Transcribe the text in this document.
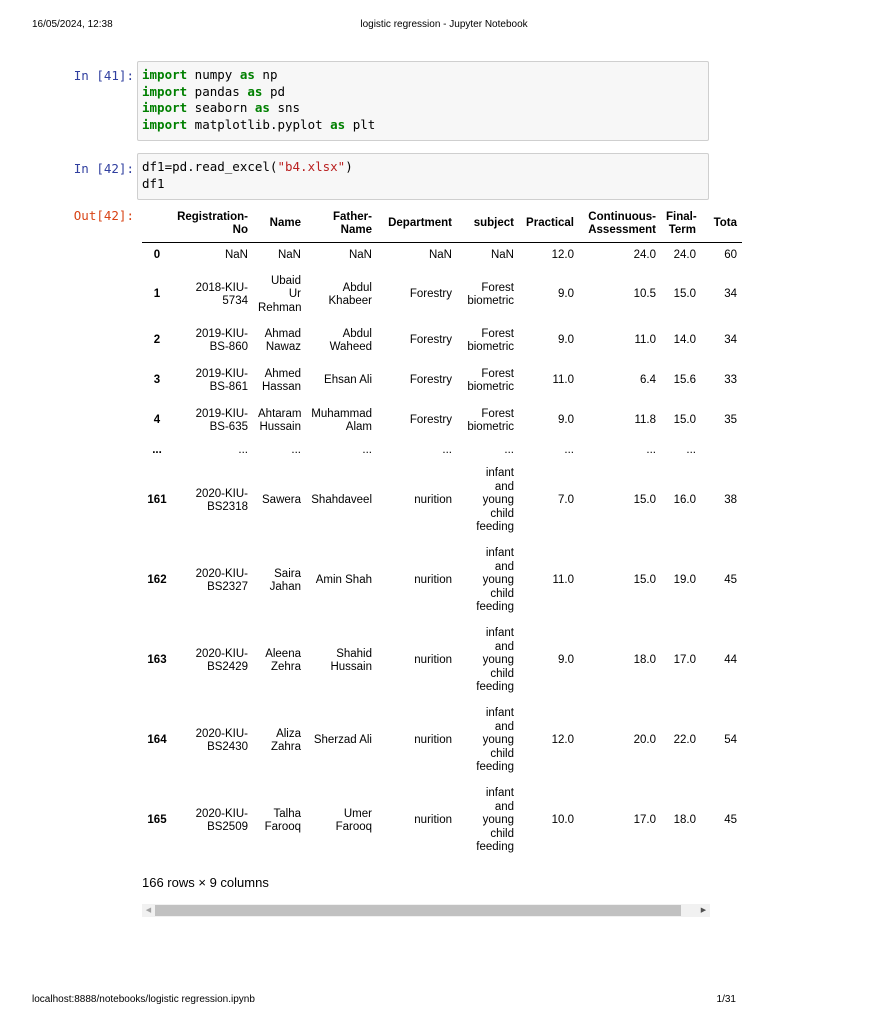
16/05/2024, 12:38	logistic regression - Jupyter Notebook
In [41]: import numpy as np
import pandas as pd
import seaborn as sns
import matplotlib.pyplot as plt
In [42]: df1=pd.read_excel("b4.xlsx")
df1
Out[42]:
		Registration-
No	Name	Father-
Name	Department	subject	Practical	Continuous-
Assessment	Final-
Term	Tota
0	NaN	NaN	NaN	NaN	NaN	12.0	24.0	24.0	60
1	2018-KIU-
5734	Ubaid
Ur
Rehman	Abdul
Khabeer	Forestry	Forest
biometric	9.0	10.5	15.0	34
2	2019-KIU-
BS-860	Ahmad
Nawaz	Abdul
Waheed	Forestry	Forest
biometric	9.0	11.0	14.0	34
3	2019-KIU-
BS-861	Ahmed
Hassan	Ehsan Ali	Forestry	Forest
biometric	11.0	6.4	15.6	33
4	2019-KIU-
BS-635	Ahtaram
Hussain	Muhammad
Alam	Forestry	Forest
biometric	9.0	11.8	15.0	35
...	...	...	...	...	...	...	...	...	
161	2020-KIU-
BS2318	Sawera	Shahdaveel	nurition	infant
and
young
child
feeding	7.0	15.0	16.0	38
162	2020-KIU-
BS2327	Saira
Jahan	Amin Shah	nurition	infant
and
young
child
feeding	11.0	15.0	19.0	45
163	2020-KIU-
BS2429	Aleena
Zehra	Shahid
Hussain	nurition	infant
and
young
child
feeding	9.0	18.0	17.0	44
164	2020-KIU-
BS2430	Aliza
Zahra	Sherzad Ali	nurition	infant
and
young
child
feeding	12.0	20.0	22.0	54
165	2020-KIU-
BS2509	Talha
Farooq	Umer
Farooq	nurition	infant
and
young
child
feeding	10.0	17.0	18.0	45
166 rows × 9 columns
◀	▶
localhost:8888/notebooks/logistic regression.ipynb	1/31
